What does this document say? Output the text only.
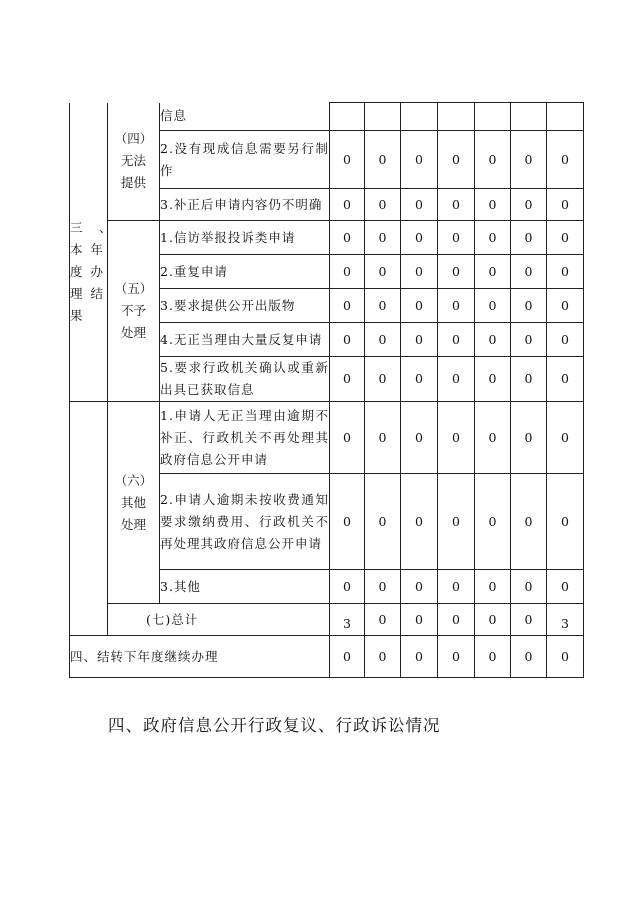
三　、
本 年
度 办
理 结
果	（四）
无法
提供	信息							
		2.没有现成信息需要另行制作	0	0	0	0	0	0	0
		3.补正后申请内容仍不明确	0	0	0	0	0	0	0

	（五）
不予
处理	1.信访举报投诉类申请	0	0	0	0	0	0	0
		2.重复申请	0	0	0	0	0	0	0
		3.要求提供公开出版物	0	0	0	0	0	0	0
		4.无正当理由大量反复申请	0	0	0	0	0	0	0
		5.要求行政机关确认或重新出具已获取信息	0	0	0	0	0	0	0

	（六）
其他
处理	1.申请人无正当理由逾期不补正、行政机关不再处理其政府信息公开申请	0	0	0	0	0	0	0
		2.申请人逾期未按收费通知要求缴纳费用、行政机关不再处理其政府信息公开申请	0	0	0	0	0	0	0
		3.其他	0	0	0	0	0	0	0
	(七)总计		3	0	0	0	0	0	3
四、结转下年度继续办理			0	0	0	0	0	0	0
四、政府信息公开行政复议、行政诉讼情况
